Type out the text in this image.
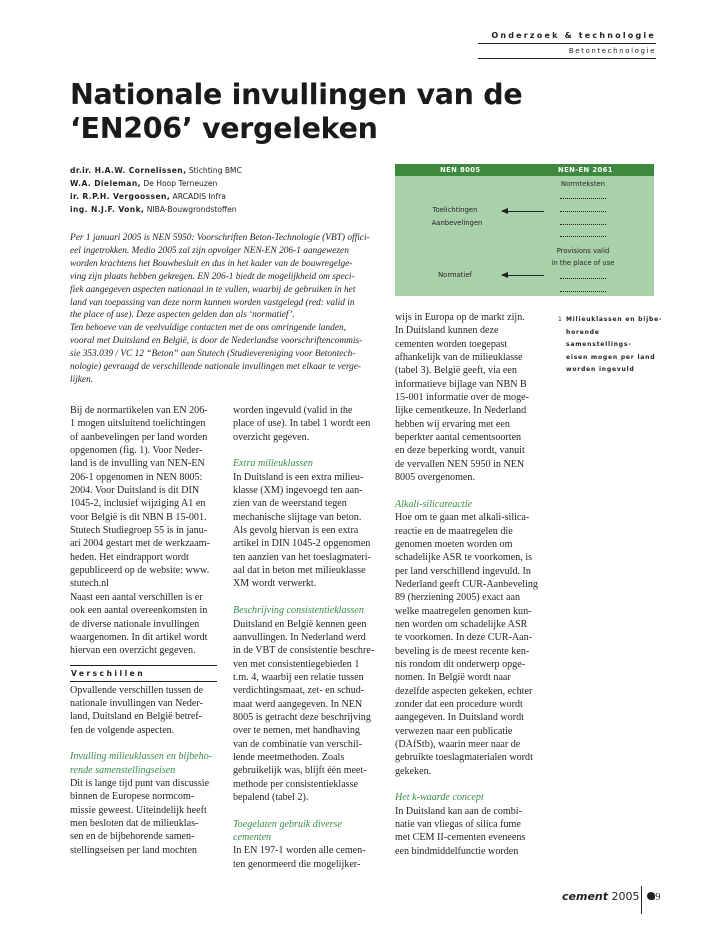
Onderzoek & technologie
Betontechnologie
Nationale invullingen van de
‘EN206’ vergeleken
dr.ir. H.A.W. Cornelissen, Stichting BMC
W.A. Dieleman, De Hoop Terneuzen
ir. R.P.H. Vergoossen, ARCADIS Infra
ing. N.J.F. Vonk, NIBA-Bouwgrondstoffen

Per 1 januari 2005 is NEN 5950: Voorschriften Beton-Technologie (VBT) offici-

eel ingetrokken. Medio 2005 zal zijn opvolger NEN-EN 206-1 aangewezen

worden krachtens het Bouwbesluit en dus in het kader van de bouwregelge-

ving zijn plaats hebben gekregen. EN 206-1 biedt de mogelijkheid om speci-

fiek aangegeven aspecten nationaal in te vullen, waarbij de gebruiken in het

land van toepassing van deze norm kunnen worden vastgelegd (red: valid in

the place of use). Deze aspecten gelden dan als ‘normatief’.

Ten behoeve van de veelvuldige contacten met de ons omringende landen,

vooral met Duitsland en België, is door de Nederlandse voorschriftencommis-

sie 353.039 / VC 12 “Beton” aan Stutech (Studievereniging voor Betontech-

nologie) gevraagd de verschillende nationale invullingen met elkaar te verge-

lijken.

Bij de normartikelen van EN 206-

1 mogen uitsluitend toelichtingen

of aanbevelingen per land worden

opgenomen (fig. 1). Voor Neder-

land is de invulling van NEN-EN

206-1 opgenomen in NEN 8005:

2004. Voor Duitsland is dit DIN

1045-2, inclusief wijziging A1 en

voor België is dit NBN B 15-001.

Stutech Studiegroep 55 is in janu-

ari 2004 gestart met de werkzaam-

heden. Het eindrapport wordt

gepubliceerd op de website: www.

stutech.nl

Naast een aantal verschillen is er

ook een aantal overeenkomsten in

de diverse nationale invullingen

waargenomen. In dit artikel wordt

hiervan een overzicht gegeven.

Verschillen

Opvallende verschillen tussen de

nationale invullingen van Neder-

land, Duitsland en België betref-

fen de volgende aspecten.

Invulling milieuklassen en bijbeho-

rende samenstellingseisen

Dit is lange tijd punt van discussie

binnen de Europese normcom-

missie geweest. Uiteindelijk heeft

men besloten dat de milieuklas-

sen en de bijbehorende samen-

stellingseisen per land mochten

worden ingevuld (valid in the

place of use). In tabel 1 wordt een

overzicht gegeven.

Extra milieuklassen

In Duitsland is een extra milieu-

klasse (XM) ingevoegd ten aan-

zien van de weerstand tegen

mechanische slijtage van beton.

Als gevolg hiervan is een extra

artikel in DIN 1045-2 opgenomen

ten aanzien van het toeslagmateri-

aal dat in beton met milieuklasse

XM wordt verwerkt.

Beschrijving consistentieklassen

Duitsland en België kennen geen

aanvullingen. In Nederland werd

in de VBT de consistentie beschre-

ven met consistentiegebieden 1

t.m. 4, waarbij een relatie tussen

verdichtingsmaat, zet- en schud-

maat werd aangegeven. In NEN

8005 is getracht deze beschrijving

over te nemen, met handhaving

van de combinatie van verschil-

lende meetmethoden. Zoals

gebruikelijk was, blijft één meet-

methode per consistentieklasse

bepalend (tabel 2).

Toegelaten gebruik diverse cementen

In EN 197-1 worden alle cemen-

ten genormeerd die mogelijker-

wijs in Europa op de markt zijn.

In Duitsland kunnen deze

cementen worden toegepast

afhankelijk van de milieuklasse

(tabel 3). België geeft, via een

informatieve bijlage van NBN B

15-001 informatie over de moge-

lijke cementkeuze. In Nederland

hebben wij ervaring met een

beperkter aantal cementsoorten

en deze beperking wordt, vanuit

de vervallen NEN 5950 in NEN

8005 overgenomen.

Alkali-silicareactie

Hoe om te gaan met alkali-silica-

reactie en de maatregelen die

genomen moeten worden om

schadelijke ASR te voorkomen, is

per land verschillend ingevuld. In

Nederland geeft CUR-Aanbeveling

89 (herziening 2005) exact aan

welke maatregelen genomen kun-

nen worden om schadelijke ASR

te voorkomen. In deze CUR-Aan-

beveling is de meest recente ken-

nis rondom dit onderwerp opge-

nomen. In België wordt naar

dezelfde aspecten gekeken, echter

zonder dat een procedure wordt

aangegeven. In Duitsland wordt

verwezen naar een publicatie

(DAfStb), waarin meer naar de

gebruikte toeslagmaterialen wordt

gekeken.

Het k-waarde concept

In Duitsland kan aan de combi-

natie van vliegas of silica fume

met CEM II-cementen eveneens

een bindmiddelfunctie worden

NEN 8005	NEN-EN 2061
Normteksten
Toelichtingen
Aanbevelingen
Provisions valid
in the place of use
Normatief
1 Milieuklassen en bijbe-
horende samenstellings-
eisen mogen per land
worden ingevuld
cement 2005	69
